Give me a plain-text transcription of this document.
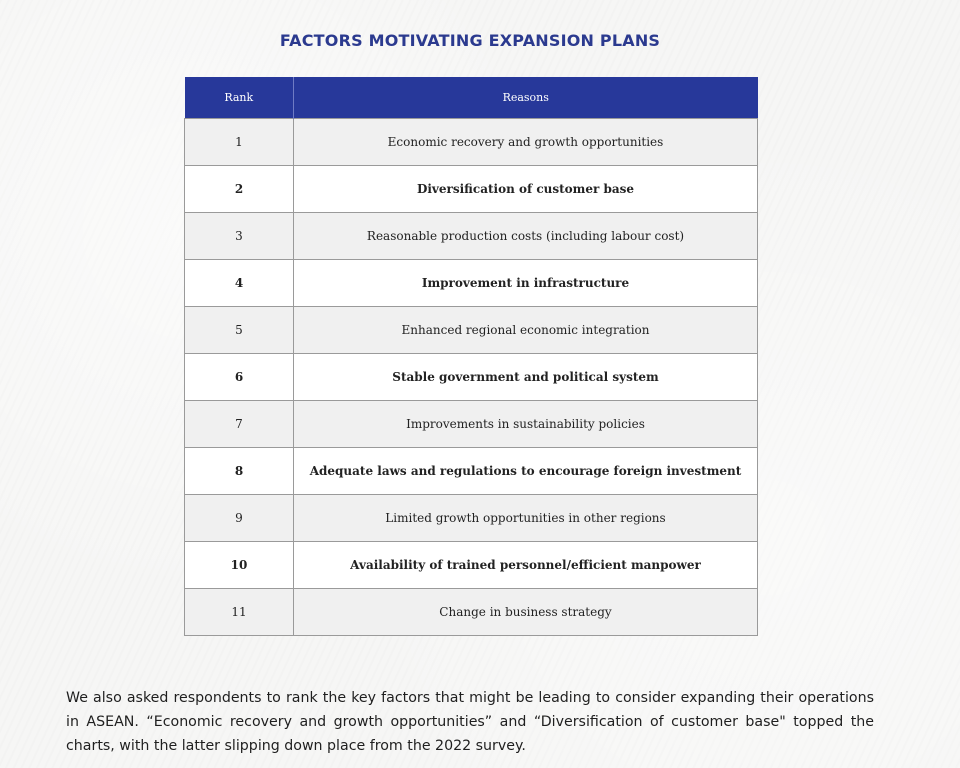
FACTORS MOTIVATING EXPANSION PLANS
Rank	Reasons
1	Economic recovery and growth opportunities
2	Diversification of customer base
3	Reasonable production costs (including labour cost)
4	Improvement in infrastructure
5	Enhanced regional economic integration
6	Stable government and political system
7	Improvements in sustainability policies
8	Adequate laws and regulations to encourage foreign investment
9	Limited growth opportunities in other regions
10	Availability of trained personnel/efficient manpower
11	Change in business strategy

We also asked respondents to rank the key factors that might be leading to consider expanding their operations in ASEAN. “Economic recovery and growth opportunities” and “Diversification of customer base" topped the charts, with the latter slipping down place from the 2022 survey.
